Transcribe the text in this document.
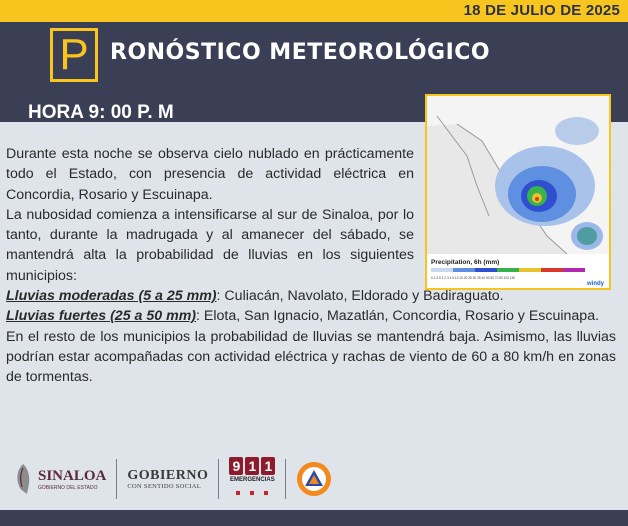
18 DE JULIO DE 2025
P RONÓSTICO METEOROLÓGICO
HORA 9: 00 P. M
Precipitation, 6h (mm)
0.1 0.5 1 2 3 4 5 10 15 20 25 30 35 40 50 60 70 80 100 150
windy
Durante esta noche se observa cielo nublado en prácticamente todo el Estado, con presencia de actividad eléctrica en Concordia, Rosario y Escuinapa.
La nubosidad comienza a intensificarse al sur de Sinaloa, por lo tanto, durante la madrugada y al amanecer del sábado, se mantendrá alta la probabilidad de lluvias en los siguientes municipios:
Lluvias moderadas (5 a 25 mm): Culiacán, Navolato, Eldorado y Badiraguato.
Lluvias fuertes (25 a 50 mm): Elota, San Ignacio, Mazatlán, Concordia, Rosario y Escuinapa.
En el resto de los municipios la probabilidad de lluvias se mantendrá baja. Asimismo, las lluvias podrían estar acompañadas con actividad eléctrica y rachas de viento de 60 a 80 km/h en zonas de tormentas.
SINALOA
GOBIERNO DEL ESTADO
GOBIERNO
CON SENTIDO SOCIAL
9 1 1
EMERGENCIAS
